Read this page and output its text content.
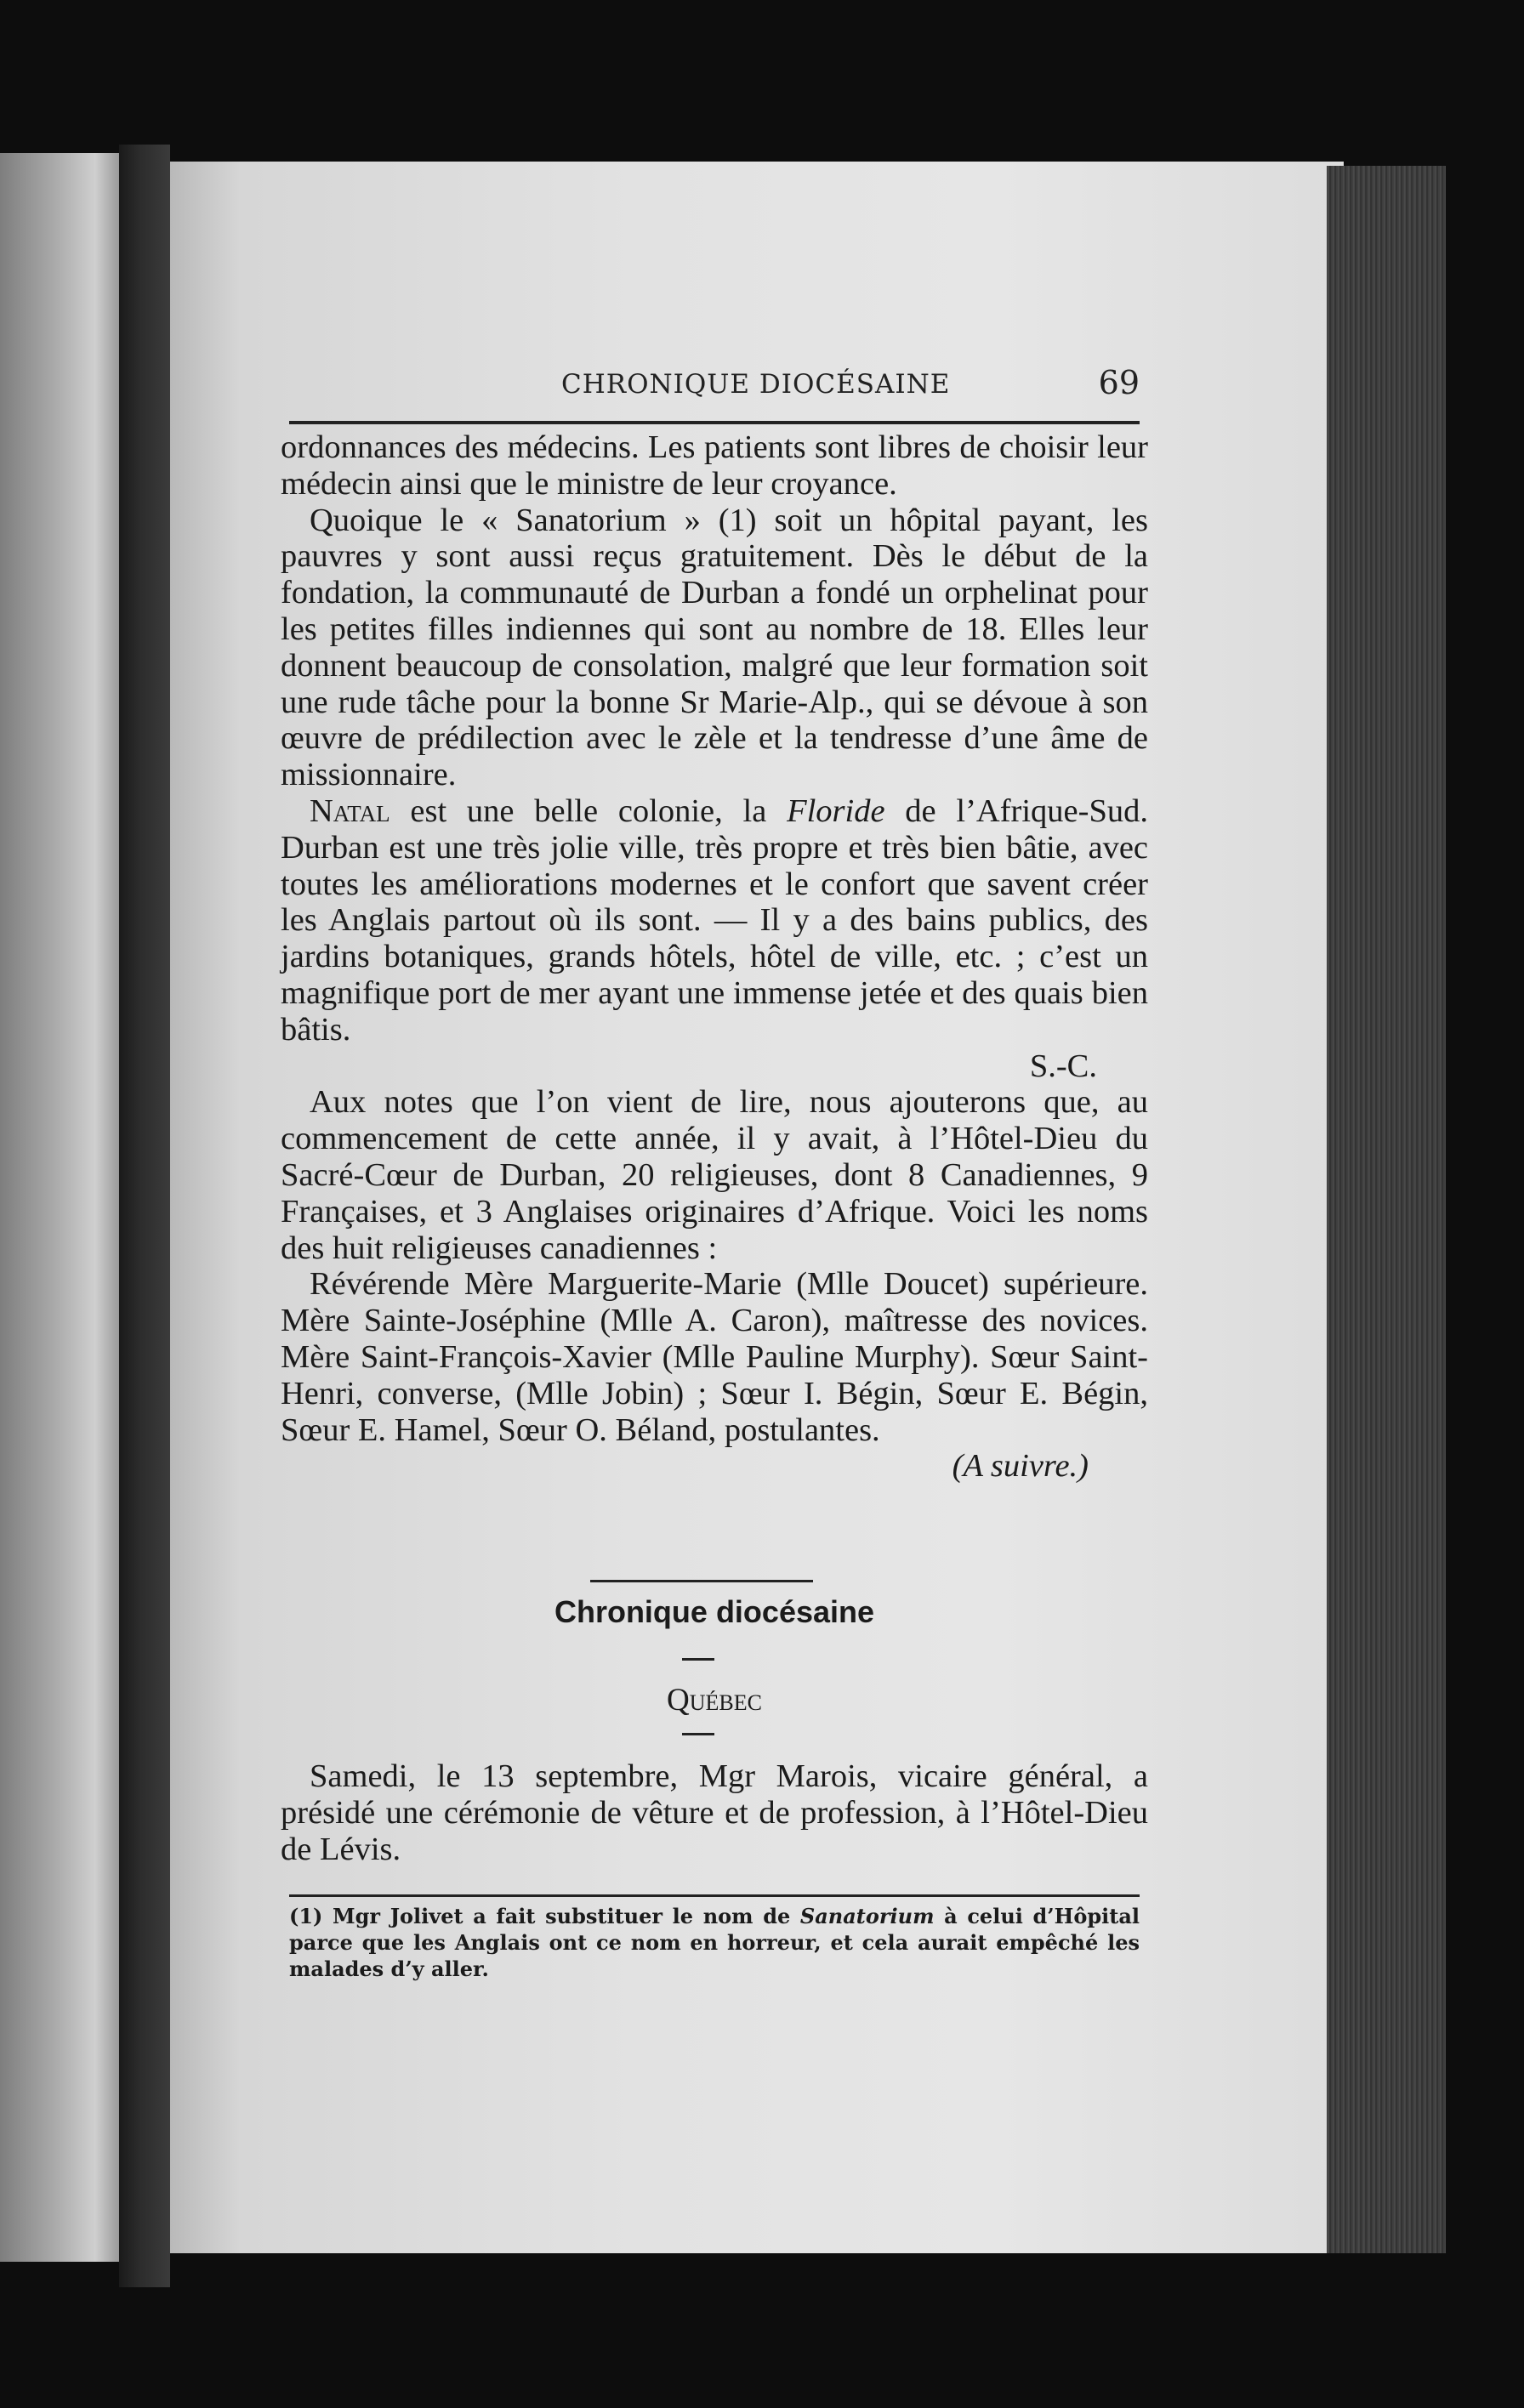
CHRONIQUE DIOCÉSAINE	69

ordonnances des médecins. Les patients sont libres de choisir leur médecin ainsi que le ministre de leur croyance.

Quoique le « Sanatorium » (1) soit un hôpital payant, les pauvres y sont aussi reçus gratuitement. Dès le début de la fondation, la communauté de Durban a fondé un orphelinat pour les petites filles indiennes qui sont au nombre de 18. Elles leur donnent beaucoup de consolation, malgré que leur formation soit une rude tâche pour la bonne Sr Marie-Alp., qui se dévoue à son œuvre de prédilection avec le zèle et la tendresse d’une âme de missionnaire.

Natal est une belle colonie, la Floride de l’Afrique-Sud. Durban est une très jolie ville, très propre et très bien bâtie, avec toutes les améliorations modernes et le confort que savent créer les Anglais partout où ils sont. — Il y a des bains publics, des jardins botaniques, grands hôtels, hôtel de ville, etc. ; c’est un magnifique port de mer ayant une immense jetée et des quais bien bâtis.

S.-C.

Aux notes que l’on vient de lire, nous ajouterons que, au commencement de cette année, il y avait, à l’Hôtel-Dieu du Sacré-Cœur de Durban, 20 religieuses, dont 8 Canadiennes, 9 Françaises, et 3 Anglaises originaires d’Afrique. Voici les noms des huit religieuses canadiennes :

Révérende Mère Marguerite-Marie (Mlle Doucet) supérieure. Mère Sainte-Joséphine (Mlle A. Caron), maîtresse des novices. Mère Saint-François-Xavier (Mlle Pauline Murphy). Sœur Saint-Henri, converse, (Mlle Jobin) ; Sœur I. Bégin, Sœur E. Bégin, Sœur E. Hamel, Sœur O. Béland, postulantes.

(A suivre.)
Chronique diocésaine
Québec
Samedi, le 13 septembre, Mgr Marois, vicaire général, a présidé une cérémonie de vêture et de profession, à l’Hôtel-Dieu de Lévis.
(1) Mgr Jolivet a fait substituer le nom de Sanatorium à celui d’Hôpital parce que les Anglais ont ce nom en horreur, et cela aurait empêché les malades d’y aller.
